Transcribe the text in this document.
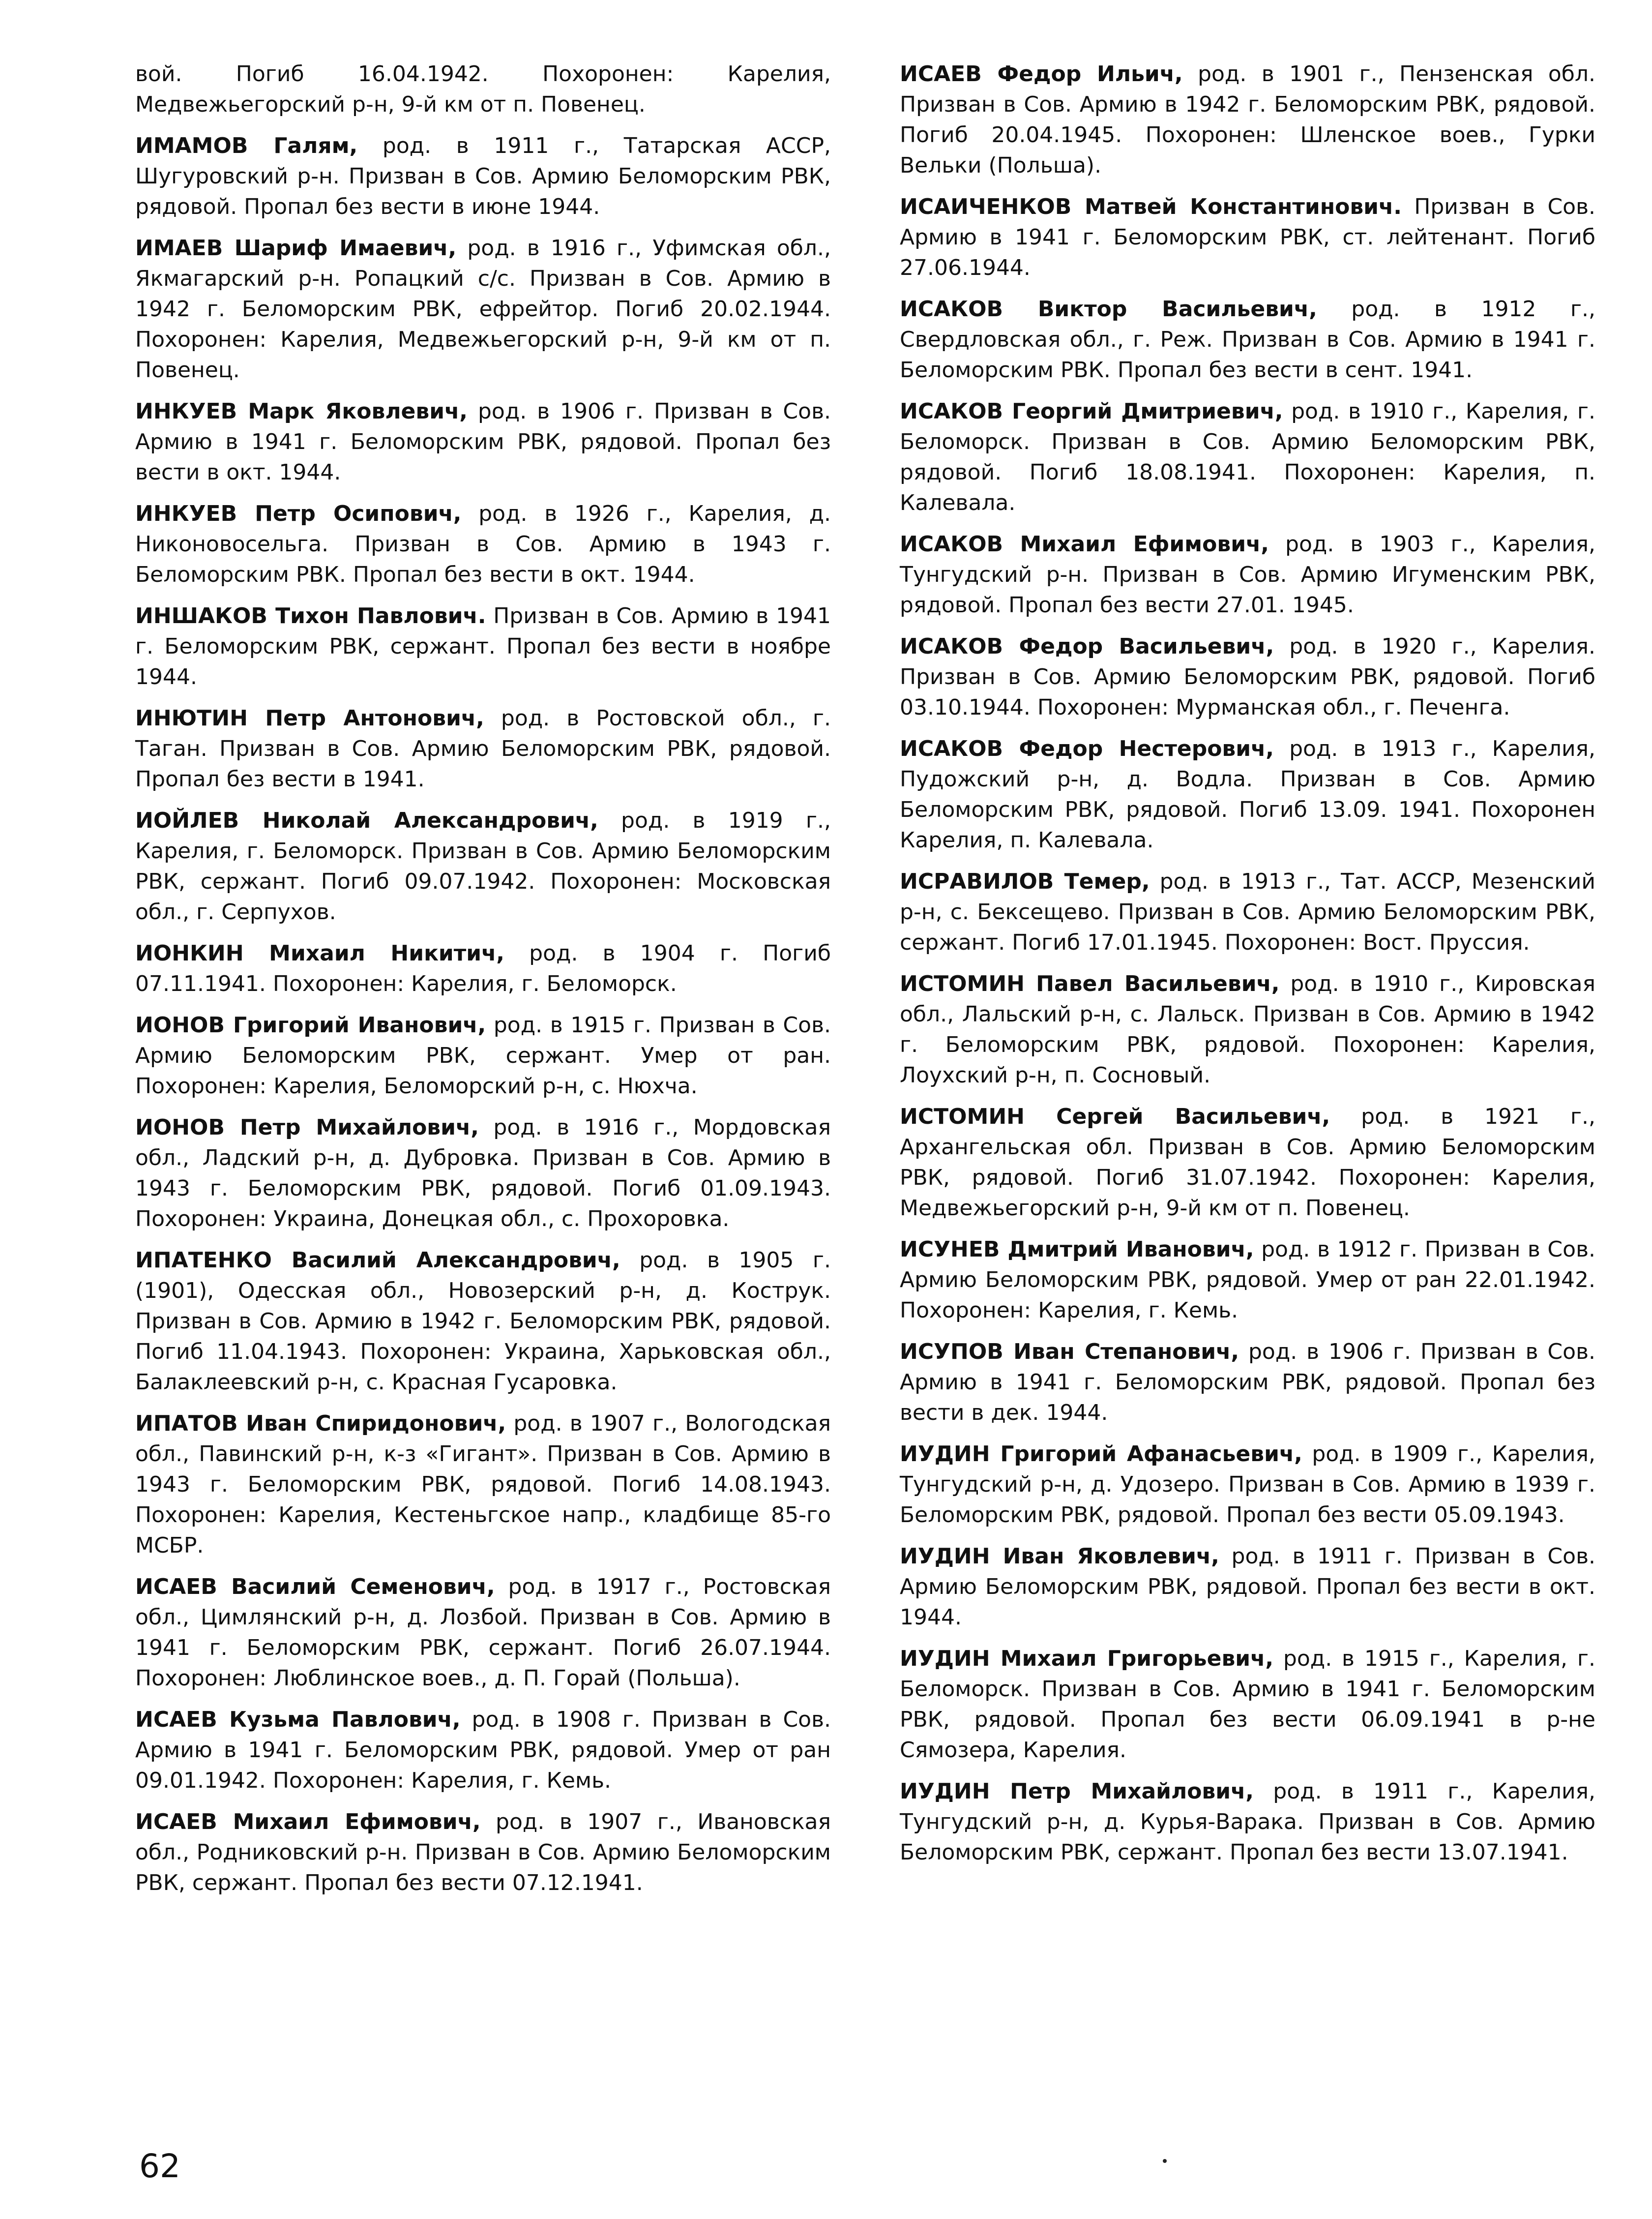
вой. Погиб 16.04.1942. Похоронен: Карелия, Медвежьегорский р-н, 9-й км от п. Повенец.

ИМАМОВ Галям, род. в 1911 г., Татарская АССР, Шугуровский р-н. Призван в Сов. Армию Беломорским РВК, рядовой. Пропал без вести в июне 1944.

ИМАЕВ Шариф Имаевич, род. в 1916 г., Уфимская обл., Якмагарский р-н. Ропацкий с/с. Призван в Сов. Армию в 1942 г. Беломорским РВК, ефрейтор. Погиб 20.02.1944. Похоронен: Карелия, Медвежьегорский р-н, 9-й км от п. Повенец.

ИНКУЕВ Марк Яковлевич, род. в 1906 г. Призван в Сов. Армию в 1941 г. Беломорским РВК, рядовой. Пропал без вести в окт. 1944.

ИНКУЕВ Петр Осипович, род. в 1926 г., Карелия, д. Никоновосельга. Призван в Сов. Армию в 1943 г. Беломорским РВК. Пропал без вести в окт. 1944.

ИНШАКОВ Тихон Павлович. Призван в Сов. Армию в 1941 г. Беломорским РВК, сержант. Пропал без вести в ноябре 1944.

ИНЮТИН Петр Антонович, род. в Ростовской обл., г. Таган. Призван в Сов. Армию Беломорским РВК, рядовой. Пропал без вести в 1941.

ИОЙЛЕВ Николай Александрович, род. в 1919 г., Карелия, г. Беломорск. Призван в Сов. Армию Беломорским РВК, сержант. Погиб 09.07.1942. Похоронен: Московская обл., г. Серпухов.

ИОНКИН Михаил Никитич, род. в 1904 г. Погиб 07.11.1941. Похоронен: Карелия, г. Беломорск.

ИОНОВ Григорий Иванович, род. в 1915 г. Призван в Сов. Армию Беломорским РВК, сержант. Умер от ран. Похоронен: Карелия, Беломорский р-н, с. Нюхча.

ИОНОВ Петр Михайлович, род. в 1916 г., Мордовская обл., Ладский р-н, д. Дубровка. Призван в Сов. Армию в 1943 г. Беломорским РВК, рядовой. Погиб 01.09.1943. Похоронен: Украина, Донецкая обл., с. Прохоровка.

ИПАТЕНКО Василий Александрович, род. в 1905 г. (1901), Одесская обл., Новозерский р-н, д. Кострук. Призван в Сов. Армию в 1942 г. Беломорским РВК, рядовой. Погиб 11.04.1943. Похоронен: Украина, Харьковская обл., Балаклеевский р-н, с. Красная Гусаровка.

ИПАТОВ Иван Спиридонович, род. в 1907 г., Вологодская обл., Павинский р-н, к-з «Гигант». Призван в Сов. Армию в 1943 г. Беломорским РВК, рядовой. Погиб 14.08.1943. Похоронен: Карелия, Кестеньгское напр., кладбище 85-го МСБР.

ИСАЕВ Василий Семенович, род. в 1917 г., Ростовская обл., Цимлянский р-н, д. Лозбой. Призван в Сов. Армию в 1941 г. Беломорским РВК, сержант. Погиб 26.07.1944. Похоронен: Люблинское воев., д. П. Горай (Польша).

ИСАЕВ Кузьма Павлович, род. в 1908 г. Призван в Сов. Армию в 1941 г. Беломорским РВК, рядовой. Умер от ран 09.01.1942. Похоронен: Карелия, г. Кемь.

ИСАЕВ Михаил Ефимович, род. в 1907 г., Ивановская обл., Родниковский р-н. Призван в Сов. Армию Беломорским РВК, сержант. Пропал без вести 07.12.1941.

ИСАЕВ Федор Ильич, род. в 1901 г., Пензенская обл. Призван в Сов. Армию в 1942 г. Беломорским РВК, рядовой. Погиб 20.04.1945. Похоронен: Шленское воев., Гурки Вельки (Польша).

ИСАИЧЕНКОВ Матвей Константинович. Призван в Сов. Армию в 1941 г. Беломорским РВК, ст. лейтенант. Погиб 27.06.1944.

ИСАКОВ Виктор Васильевич, род. в 1912 г., Свердловская обл., г. Реж. Призван в Сов. Армию в 1941 г. Беломорским РВК. Пропал без вести в сент. 1941.

ИСАКОВ Георгий Дмитриевич, род. в 1910 г., Карелия, г. Беломорск. Призван в Сов. Армию Беломорским РВК, рядовой. Погиб 18.08.1941. Похоронен: Карелия, п. Калевала.

ИСАКОВ Михаил Ефимович, род. в 1903 г., Карелия, Тунгудский р-н. Призван в Сов. Армию Игуменским РВК, рядовой. Пропал без вести 27.01. 1945.

ИСАКОВ Федор Васильевич, род. в 1920 г., Карелия. Призван в Сов. Армию Беломорским РВК, рядовой. Погиб 03.10.1944. Похоронен: Мурманская обл., г. Печенга.

ИСАКОВ Федор Нестерович, род. в 1913 г., Карелия, Пудожский р-н, д. Водла. Призван в Сов. Армию Беломорским РВК, рядовой. Погиб 13.09. 1941. Похоронен Карелия, п. Калевала.

ИСРАВИЛОВ Темер, род. в 1913 г., Тат. АССР, Мезенский р-н, с. Бексещево. Призван в Сов. Армию Беломорским РВК, сержант. Погиб 17.01.1945. Похоронен: Вост. Пруссия.

ИСТОМИН Павел Васильевич, род. в 1910 г., Кировская обл., Лальский р-н, с. Лальск. Призван в Сов. Армию в 1942 г. Беломорским РВК, рядовой. Похоронен: Карелия, Лоухский р-н, п. Сосновый.

ИСТОМИН Сергей Васильевич, род. в 1921 г., Архангельская обл. Призван в Сов. Армию Беломорским РВК, рядовой. Погиб 31.07.1942. Похоронен: Карелия, Медвежьегорский р-н, 9-й км от п. Повенец.

ИСУНЕВ Дмитрий Иванович, род. в 1912 г. Призван в Сов. Армию Беломорским РВК, рядовой. Умер от ран 22.01.1942. Похоронен: Карелия, г. Кемь.

ИСУПОВ Иван Степанович, род. в 1906 г. Призван в Сов. Армию в 1941 г. Беломорским РВК, рядовой. Пропал без вести в дек. 1944.

ИУДИН Григорий Афанасьевич, род. в 1909 г., Карелия, Тунгудский р-н, д. Удозеро. Призван в Сов. Армию в 1939 г. Беломорским РВК, рядовой. Пропал без вести 05.09.1943.

ИУДИН Иван Яковлевич, род. в 1911 г. Призван в Сов. Армию Беломорским РВК, рядовой. Пропал без вести в окт. 1944.

ИУДИН Михаил Григорьевич, род. в 1915 г., Карелия, г. Беломорск. Призван в Сов. Армию в 1941 г. Беломорским РВК, рядовой. Пропал без вести 06.09.1941 в р-не Сямозера, Карелия.

ИУДИН Петр Михайлович, род. в 1911 г., Карелия, Тунгудский р-н, д. Курья-Варака. Призван в Сов. Армию Беломорским РВК, сержант. Пропал без вести 13.07.1941.

62
